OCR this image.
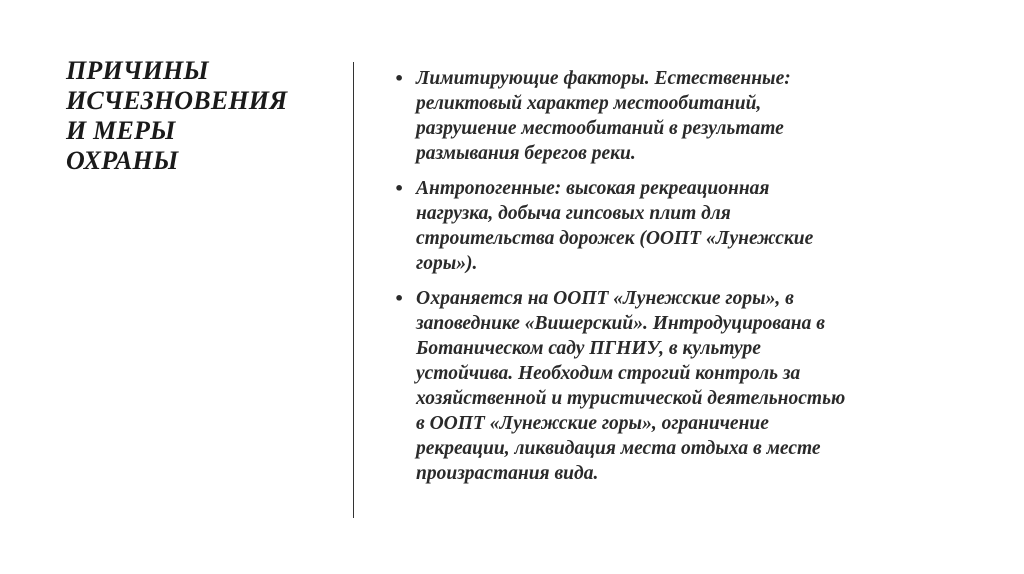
ПРИЧИНЫ
ИСЧЕЗНОВЕНИЯ
И МЕРЫ
ОХРАНЫ
• Лимитирующие факторы. Естественные:
реликтовый характер местообитаний,
разрушение местообитаний в результате
размывания берегов реки.
• Антропогенные: высокая рекреационная
нагрузка, добыча гипсовых плит для
строительства дорожек (ООПТ «Лунежские
горы»).
• Охраняется на ООПТ «Лунежские горы», в
заповеднике «Вишерский». Интродуцирована в
Ботаническом саду ПГНИУ, в культуре
устойчива. Необходим строгий контроль за
хозяйственной и туристической деятельностью
в ООПТ «Лунежские горы», ограничение
рекреации, ликвидация места отдыха в месте
произрастания вида.
